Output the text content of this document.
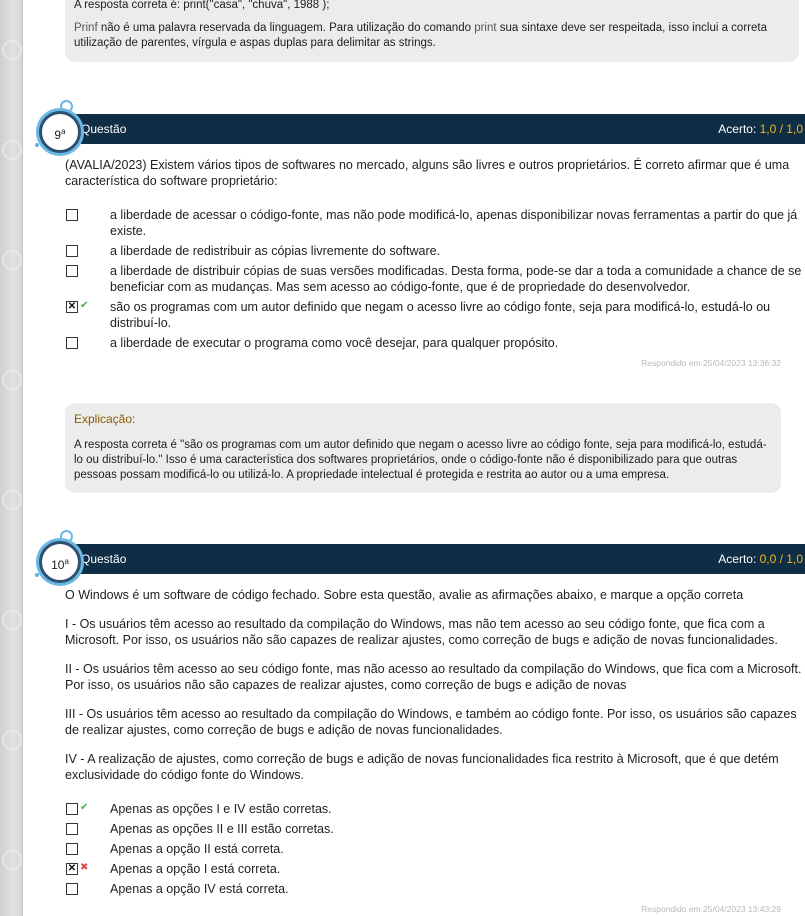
A resposta correta é: print("casa", "chuva", 1988 );

Prinf não é uma palavra reservada da linguagem. Para utilização do comando print sua sintaxe deve ser respeitada, isso inclui a correta utilização de parentes, vírgula e aspas duplas para delimitar as strings.

Questão	Acerto: 1,0 / 1,0
9$^a$
(AVALIA/2023) Existem vários tipos de softwares no mercado, alguns são livres e outros proprietários. É correto afirmar que é uma característica do software proprietário:
a liberdade de acessar o código-fonte, mas não pode modificá-lo, apenas disponibilizar novas ferramentas a partir do que já existe.
a liberdade de redistribuir as cópias livremente do software.
a liberdade de distribuir cópias de suas versões modificadas. Desta forma, pode-se dar a toda a comunidade a chance de se beneficiar com as mudanças. Mas sem acesso ao código-fonte, que é de propriedade do desenvolvedor.
✕
✔ são os programas com um autor definido que negam o acesso livre ao código fonte, seja para modificá-lo, estudá-lo ou distribuí-lo.
a liberdade de executar o programa como você desejar, para qualquer propósito.
Respondido em 25/04/2023 13:36:32

Explicação:

A resposta correta é "são os programas com um autor definido que negam o acesso livre ao código fonte, seja para modificá-lo, estudá-lo ou distribuí-lo." Isso é uma característica dos softwares proprietários, onde o código-fonte não é disponibilizado para que outras pessoas possam modificá-lo ou utilizá-lo. A propriedade intelectual é protegida e restrita ao autor ou a uma empresa.

Questão	Acerto: 0,0 / 1,0
10$^a$
O Windows é um software de código fechado. Sobre esta questão, avalie as afirmações abaixo, e marque a opção correta
I - Os usuários têm acesso ao resultado da compilação do Windows, mas não tem acesso ao seu código fonte, que fica com a Microsoft. Por isso, os usuários não são capazes de realizar ajustes, como correção de bugs e adição de novas funcionalidades.
II - Os usuários têm acesso ao seu código fonte, mas não acesso ao resultado da compilação do Windows, que fica com a Microsoft. Por isso, os usuários não são capazes de realizar ajustes, como correção de bugs e adição de novas
III - Os usuários têm acesso ao resultado da compilação do Windows, e também ao código fonte. Por isso, os usuários são capazes de realizar ajustes, como correção de bugs e adição de novas funcionalidades.
IV - A realização de ajustes, como correção de bugs e adição de novas funcionalidades fica restrito à Microsoft, que é que detém exclusividade do código fonte do Windows.
✔ Apenas as opções I e IV estão corretas.
Apenas as opções II e III estão corretas.
Apenas a opção II está correta.
✕
✖ Apenas a opção I está correta.
Apenas a opção IV está correta.
Respondido em 25/04/2023 13:43:29
